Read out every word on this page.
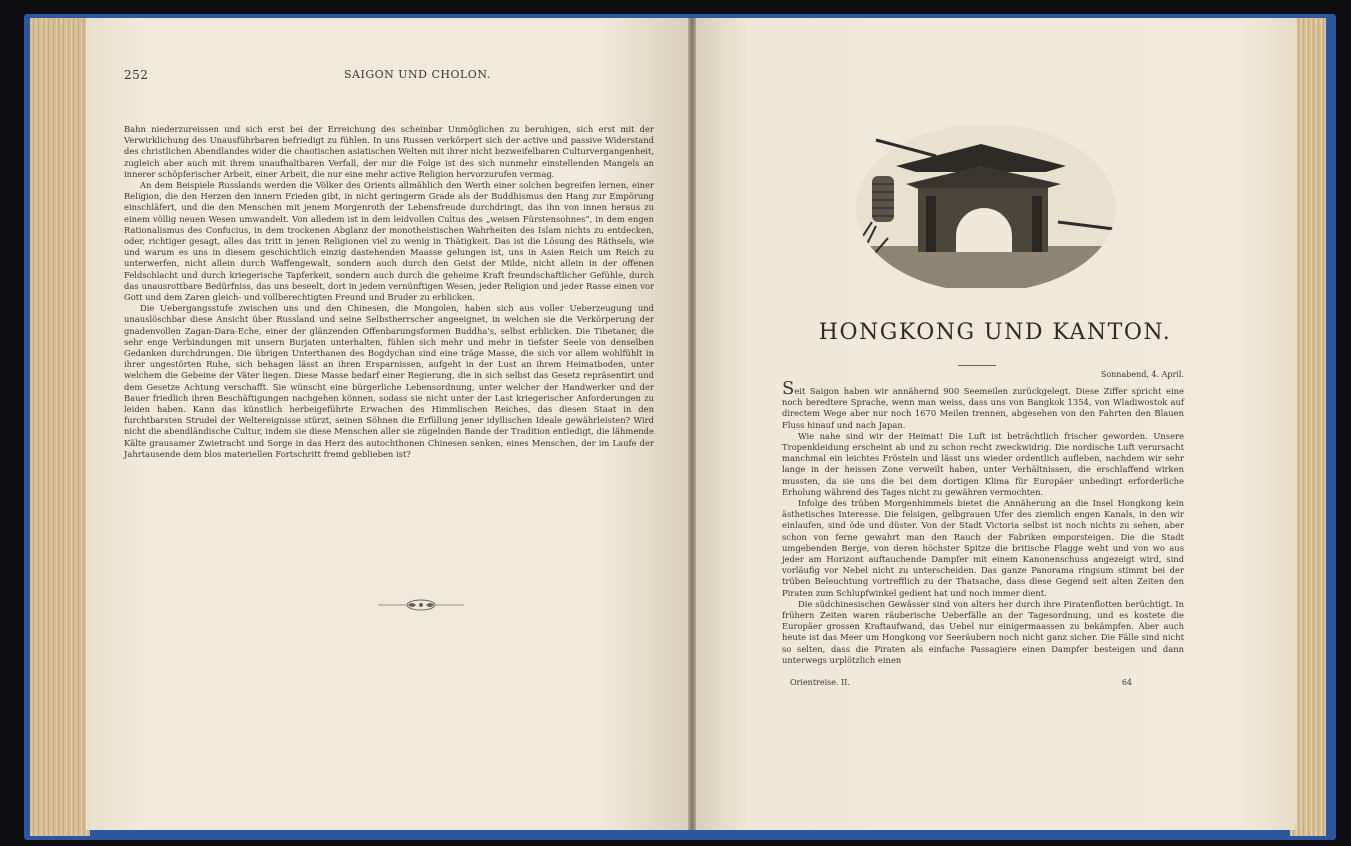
252	SAIGON UND CHOLON.

Bahn niederzureissen und sich erst bei der Erreichung des scheinbar Unmöglichen zu beruhigen, sich erst mit der Verwirklichung des Unausführbaren befriedigt zu fühlen. In uns Russen verkörpert sich der active und passive Widerstand des christlichen Abendlandes wider die chaotischen asiatischen Welten mit ihrer nicht bezweifelbaren Culturvergangenheit, zugleich aber auch mit ihrem unaufhaltbaren Verfall, der nur die Folge ist des sich nunmehr einstellenden Mangels an innerer schöpferischer Arbeit, einer Arbeit, die nur eine mehr active Religion hervorzurufen vermag.

An dem Beispiele Russlands werden die Völker des Orients allmählich den Werth einer solchen begreifen lernen, einer Religion, die den Herzen den innern Frieden gibt, in nicht geringerm Grade als der Buddhismus den Hang zur Empörung einschläfert, und die den Menschen mit jenem Morgenroth der Lebensfreude durchdringt, das ihn von innen heraus zu einem völlig neuen Wesen umwandelt. Von alledem ist in dem leidvollen Cultus des „weisen Fürstensohnes“, in dem engen Rationalismus des Confucius, in dem trockenen Abglanz der monotheistischen Wahrheiten des Islam nichts zu entdecken, oder, richtiger gesagt, alles das tritt in jenen Religionen viel zu wenig in Thätigkeit. Das ist die Lösung des Räthsels, wie und warum es uns in diesem geschichtlich einzig dastehenden Maasse gelungen ist, uns in Asien Reich um Reich zu unterwerfen, nicht allein durch Waffengewalt, sondern auch durch den Geist der Milde, nicht allein in der offenen Feldschlacht und durch kriegerische Tapferkeit, sondern auch durch die geheime Kraft freundschaftlicher Gefühle, durch das unausrottbare Bedürfniss, das uns beseelt, dort in jedem vernünftigen Wesen, jeder Religion und jeder Rasse einen vor Gott und dem Zaren gleich- und vollberechtigten Freund und Bruder zu erblicken.

Die Uebergangsstufe zwischen uns und den Chinesen, die Mongolen, haben sich aus voller Ueberzeugung und unauslöschbar diese Ansicht über Russland und seine Selbstherrscher angeeignet, in welchen sie die Verkörperung der gnadenvollen Zagan-Dara-Eche, einer der glänzenden Offenbarungsformen Buddha's, selbst erblicken. Die Tibetaner, die sehr enge Verbindungen mit unsern Burjaten unterhalten, fühlen sich mehr und mehr in tiefster Seele von denselben Gedanken durchdrungen. Die übrigen Unterthanen des Bogdychan sind eine träge Masse, die sich vor allem wohlfühlt in ihrer ungestörten Ruhe, sich behagen lässt an ihren Ersparnissen, aufgeht in der Lust an ihrem Heimatboden, unter welchem die Gebeine der Väter liegen. Diese Masse bedarf einer Regierung, die in sich selbst das Gesetz repräsentirt und dem Gesetze Achtung verschafft. Sie wünscht eine bürgerliche Lebensordnung, unter welcher der Handwerker und der Bauer friedlich ihren Beschäftigungen nachgehen können, sodass sie nicht unter der Last kriegerischer Anforderungen zu leiden haben. Kann das künstlich herbeigeführte Erwachen des Himmlischen Reiches, das diesen Staat in den furchtbarsten Strudel der Weltereignisse stürzt, seinen Söhnen die Erfüllung jener idyllischen Ideale gewährleisten? Wird nicht die abendländische Cultur, indem sie diese Menschen aller sie zügelnden Bande der Tradition entledigt, die lähmende Kälte grausamer Zwietracht und Sorge in das Herz des autochthonen Chinesen senken, eines Menschen, der im Laufe der Jahrtausende dem blos materiellen Fortschritt fremd geblieben ist?

HONGKONG UND KANTON.
Sonnabend, 4. April.

Seit Saigon haben wir annähernd 900 Seemeilen zurückgelegt. Diese Ziffer spricht eine noch beredtere Sprache, wenn man weiss, dass uns von Bangkok 1354, von Wladiwostok auf directem Wege aber nur noch 1670 Meilen trennen, abgesehen von den Fahrten den Blauen Fluss hinauf und nach Japan.

Wie nahe sind wir der Heimat! Die Luft ist beträchtlich frischer geworden. Unsere Tropenkleidung erscheint ab und zu schon recht zweckwidrig. Die nordische Luft verursacht manchmal ein leichtes Frösteln und lässt uns wieder ordentlich aufleben, nachdem wir sehr lange in der heissen Zone verweilt haben, unter Verhältnissen, die erschlaffend wirken mussten, da sie uns die bei dem dortigen Klima für Europäer unbedingt erforderliche Erholung während des Tages nicht zu gewähren vermochten.

Infolge des trüben Morgenhimmels bietet die Annäherung an die Insel Hongkong kein ästhetisches Interesse. Die felsigen, gelbgrauen Ufer des ziemlich engen Kanals, in den wir einlaufen, sind öde und düster. Von der Stadt Victoria selbst ist noch nichts zu sehen, aber schon von ferne gewahrt man den Rauch der Fabriken emporsteigen. Die die Stadt umgebenden Berge, von deren höchster Spitze die britische Flagge weht und von wo aus jeder am Horizont auftauchende Dampfer mit einem Kanonenschuss angezeigt wird, sind vorläufig vor Nebel nicht zu unterscheiden. Das ganze Panorama ringsum stimmt bei der trüben Beleuchtung vortrefflich zu der Thatsache, dass diese Gegend seit alten Zeiten den Piraten zum Schlupfwinkel gedient hat und noch immer dient.

Die südchinesischen Gewässer sind von alters her durch ihre Piratenflotten berüchtigt. In frühern Zeiten waren räuberische Ueberfälle an der Tagesordnung, und es kostete die Europäer grossen Kraftaufwand, das Uebel nur einigermaassen zu bekämpfen. Aber auch heute ist das Meer um Hongkong vor Seeräubern noch nicht ganz sicher. Die Fälle sind nicht so selten, dass die Piraten als einfache Passagiere einen Dampfer besteigen und dann unterwegs urplötzlich einen

Orientreise. II.	64
